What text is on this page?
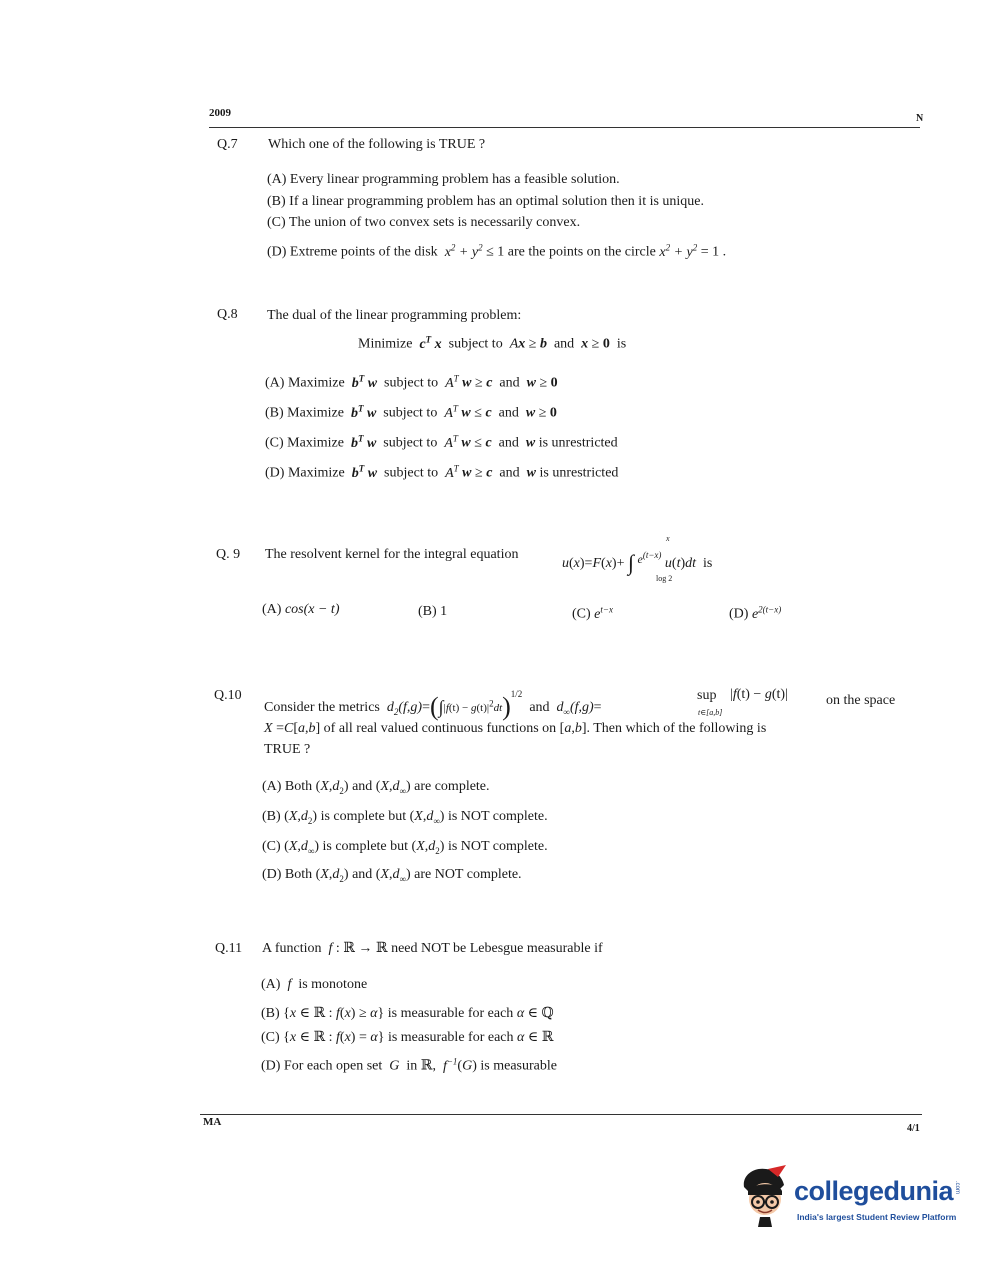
2009	N
MA
4/1
Q.7 Which one of the following is TRUE ?
(A) Every linear programming problem has a feasible solution.
(B) If a linear programming problem has an optimal solution then it is unique.
(C) The union of two convex sets is necessarily convex.
(D) Extreme points of the disk  $x^2 + y^2 \le 1$ are the points on the circle $x^2 + y^2 = 1$ .
Q.8 The dual of the linear programming problem:
Minimize  $c^T$ x subject to  Ax ≥ b and x ≥ 0 is
(A) Maximize  $b^T$ w subject to  $A^T$ w ≥ c and  w ≥ 0
(B) Maximize  $b^T$ w subject to  $A^T$ w ≤ c and  w ≥ 0
(C) Maximize  $b^T$ w subject to  $A^T$ w ≤ c and  w is unrestricted
(D) Maximize  $b^T$ w subject to  $A^T$ w ≥ c and  w is unrestricted
Q. 9 The resolvent kernel for the integral equation
u(x)=F(x)+ ∫ $e^{(t-x)}$ u(t)dt is
x
log 2
(A) cos(x − t)	(B) 1	(C) $e^{t-x}$	(D) $e^{2(t-x)}$
Q.10
Consider the metrics  $d_2(f,g)=(\int|f(t) - g(t)|^2dt)^{1/2}$  and $d_\infty(f,g)=$
sup
t∈[a,b]
|f(t) − g(t)|	on the space
X =C[a,b] of all real valued continuous functions on [a,b]. Then which of the following is
TRUE ?
(A) Both $(X,d_2)$ and $(X,d_\infty)$ are complete.
(B) $(X,d_2)$ is complete but $(X,d_\infty)$ is NOT complete.
(C) $(X,d_\infty)$ is complete but $(X,d_2)$ is NOT complete.
(D) Both $(X,d_2)$ and $(X,d_\infty)$ are NOT complete.
Q.11 A function  f : ℝ → ℝ need NOT be Lebesgue measurable if
(A)  f is monotone
(B) {x ∈ ℝ : f(x) ≥ α} is measurable for each α ∈ ℚ
(C) {x ∈ ℝ : f(x) = α} is measurable for each α ∈ ℝ
(D) For each open set  G in ℝ,  $f^{-1}(G)$ is measurable
collegedunia .com
India's largest Student Review Platform
